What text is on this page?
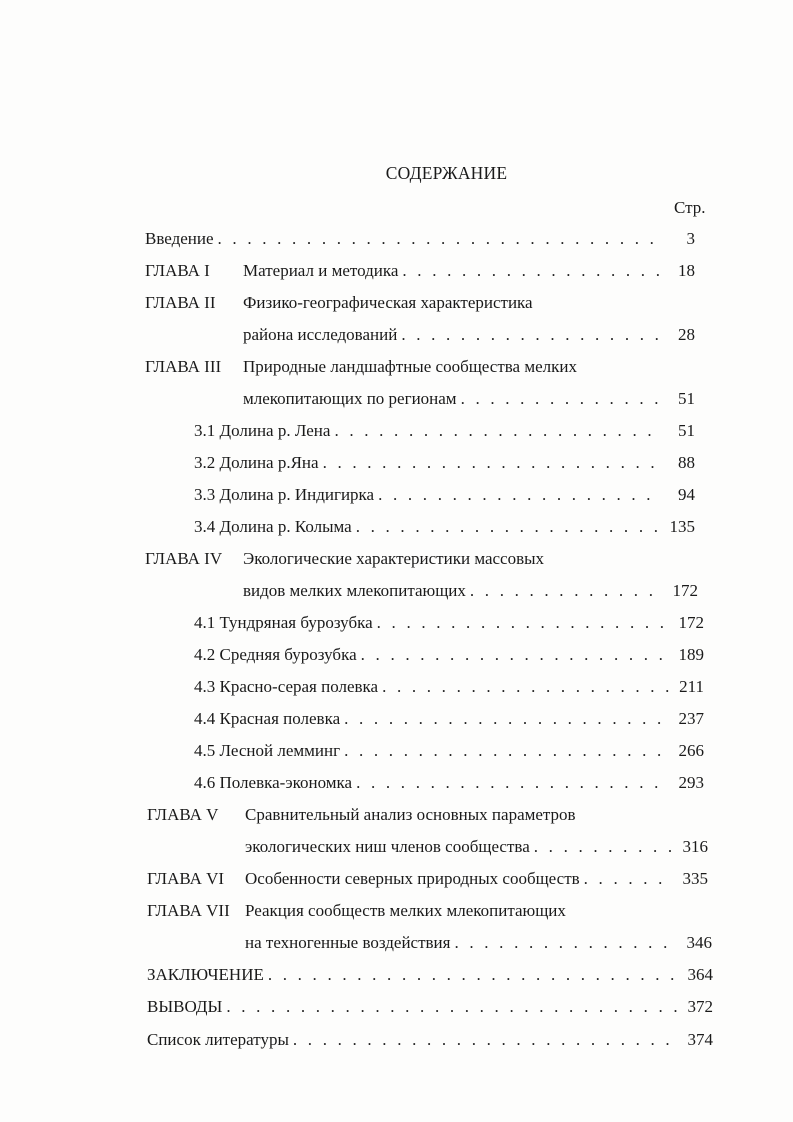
СОДЕРЖАНИЕ
Стр.
Введение . . .	3
ГЛАВА I	Материал и методика . . .	18
ГЛАВА II Физико-географическая характеристика
района исследований . . .	28
ГЛАВА III Природные ландшафтные сообщества мелких
млекопитающих по регионам . . .	51
3.1 Долина р. Лена . . .	51
3.2 Долина р.Яна . . .	88
3.3 Долина р. Индигирка . . .	94
3.4 Долина р. Колыма . . .	135
ГЛАВА IV Экологические характеристики массовых
видов мелких млекопитающих . . .	172
4.1 Тундряная бурозубка . . .	172
4.2 Средняя бурозубка . . .	189
4.3 Красно-серая полевка . . .	211
4.4 Красная полевка . . .	237
4.5 Лесной лемминг . . .	266
4.6 Полевка-экономка . . .	293
ГЛАВА V Сравнительный анализ основных параметров
экологических ниш членов сообщества . . .	316
ГЛАВА VI	Особенности северных природных сообществ . . .	335
ГЛАВА VII Реакция сообществ мелких млекопитающих
на техногенные воздействия . . .	346
ЗАКЛЮЧЕНИЕ . . .	364
ВЫВОДЫ . . .	372
Список литературы . . .	374
